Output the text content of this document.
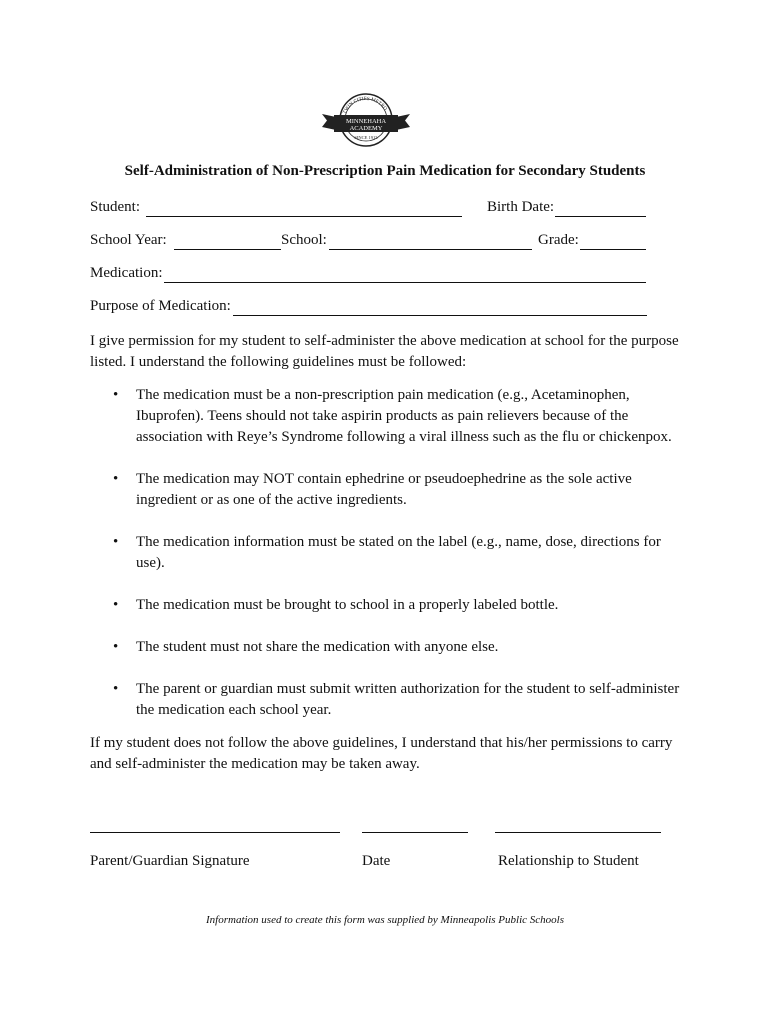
TWIN CITIES METRO
MINNEHAHA
ACADEMY
SINCE 1913
Self-Administration of Non-Prescription Pain Medication for Secondary Students
Student:	Birth Date:
School Year:	School:	Grade:
Medication:
Purpose of Medication:
I give permission for my student to self-administer the above medication at school for the purpose listed. I understand the following guidelines must be followed:
• The medication must be a non-prescription pain medication (e.g., Acetaminophen, Ibuprofen). Teens should not take aspirin products as pain relievers because of the association with Reye’s Syndrome following a viral illness such as the flu or chickenpox.
• The medication may NOT contain ephedrine or pseudoephedrine as the sole active ingredient or as one of the active ingredients.
• The medication information must be stated on the label (e.g., name, dose, directions for use).
• The medication must be brought to school in a properly labeled bottle.
• The student must not share the medication with anyone else.
• The parent or guardian must submit written authorization for the student to self-administer the medication each school year.
If my student does not follow the above guidelines, I understand that his/her permissions to carry and self-administer the medication may be taken away.
Parent/Guardian Signature	Date	Relationship to Student
Information used to create this form was supplied by Minneapolis Public Schools
